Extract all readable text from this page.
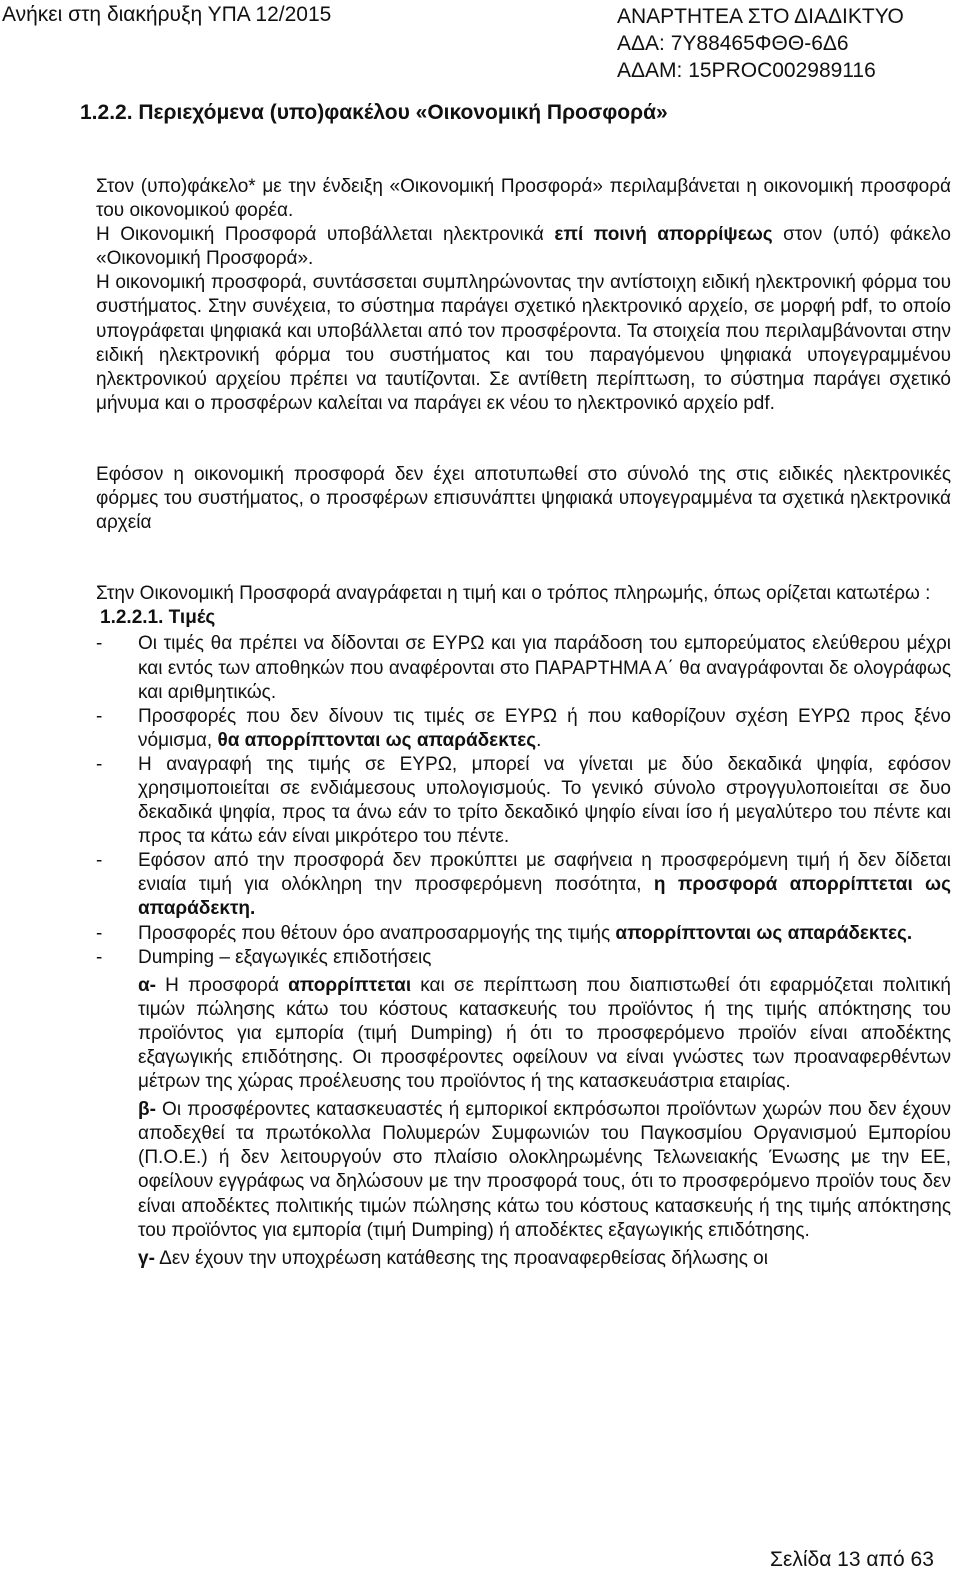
Ανήκει στη διακήρυξη ΥΠΑ 12/2015	ΑΝΑΡΤΗΤΕΑ ΣΤΟ ΔΙΑΔΙΚΤΥΟ
ΑΔΑ: 7Υ88465ΦΘΘ-6Δ6
ΑΔΑΜ: 15PROC002989116
1.2.2. Περιεχόμενα (υπο)φακέλου «Οικονομική Προσφορά»

Στον (υπο)φάκελο* με την ένδειξη «Οικονομική Προσφορά» περιλαμβάνεται η οικονομική προσφορά του οικονομικού φορέα.

Η Οικονομική Προσφορά υποβάλλεται ηλεκτρονικά επί ποινή απορρίψεως στον (υπό) φάκελο «Οικονομική Προσφορά».

Η οικονομική προσφορά, συντάσσεται συμπληρώνοντας την αντίστοιχη ειδική ηλεκτρονική φόρμα του συστήματος. Στην συνέχεια, το σύστημα παράγει σχετικό ηλεκτρονικό αρχείο, σε μορφή pdf, το οποίο υπογράφεται ψηφιακά και υποβάλλεται από τον προσφέροντα. Τα στοιχεία που περιλαμβάνονται στην ειδική ηλεκτρονική φόρμα του συστήματος και του παραγόμενου ψηφιακά υπογεγραμμένου ηλεκτρονικού αρχείου πρέπει να ταυτίζονται. Σε αντίθετη περίπτωση, το σύστημα παράγει σχετικό μήνυμα και ο προσφέρων καλείται να παράγει εκ νέου το ηλεκτρονικό αρχείο pdf.

Εφόσον η οικονομική προσφορά δεν έχει αποτυπωθεί στο σύνολό της στις ειδικές ηλεκτρονικές φόρμες του συστήματος, ο προσφέρων επισυνάπτει ψηφιακά υπογεγραμμένα τα σχετικά ηλεκτρονικά αρχεία

Στην Οικονομική Προσφορά αναγράφεται η τιμή και ο τρόπος πληρωμής, όπως ορίζεται κατωτέρω :

1.2.2.1. Τιμές
- Οι τιμές θα πρέπει να δίδονται σε ΕΥΡΩ και για παράδοση του εμπορεύματος ελεύθερου μέχρι και εντός των αποθηκών που αναφέρονται στο ΠΑΡΑΡΤΗΜΑ Α΄ θα αναγράφονται δε ολογράφως και αριθμητικώς.
- Προσφορές που δεν δίνουν τις τιμές σε ΕΥΡΩ ή που καθορίζουν σχέση ΕΥΡΩ προς ξένο νόμισμα, θα απορρίπτονται ως απαράδεκτες.
- Η αναγραφή της τιμής σε ΕΥΡΩ, μπορεί να γίνεται με δύο δεκαδικά ψηφία, εφόσον χρησιμοποιείται σε ενδιάμεσους υπολογισμούς. Το γενικό σύνολο στρογγυλοποιείται σε δυο δεκαδικά ψηφία, προς τα άνω εάν το τρίτο δεκαδικό ψηφίο είναι ίσο ή μεγαλύτερο του πέντε και προς τα κάτω εάν είναι μικρότερο του πέντε.
- Εφόσον από την προσφορά δεν προκύπτει με σαφήνεια η προσφερόμενη τιμή ή δεν δίδεται ενιαία τιμή για ολόκληρη την προσφερόμενη ποσότητα, η προσφορά απορρίπτεται ως απαράδεκτη.
- Προσφορές που θέτουν όρο αναπροσαρμογής της τιμής απορρίπτονται ως απαράδεκτες.
- Dumping – εξαγωγικές επιδοτήσεις
α- Η προσφορά απορρίπτεται και σε περίπτωση που διαπιστωθεί ότι εφαρμόζεται πολιτική τιμών πώλησης κάτω του κόστους κατασκευής του προϊόντος ή της τιμής απόκτησης του προϊόντος για εμπορία (τιμή Dumping) ή ότι το προσφερόμενο προϊόν είναι αποδέκτης εξαγωγικής επιδότησης. Οι προσφέροντες οφείλουν να είναι γνώστες των προαναφερθέντων μέτρων της χώρας προέλευσης του προϊόντος ή της κατασκευάστρια εταιρίας.
β- Οι προσφέροντες κατασκευαστές ή εμπορικοί εκπρόσωποι προϊόντων χωρών που δεν έχουν αποδεχθεί τα πρωτόκολλα Πολυμερών Συμφωνιών του Παγκοσμίου Οργανισμού Εμπορίου (Π.Ο.Ε.) ή δεν λειτουργούν στο πλαίσιο ολοκληρωμένης Τελωνειακής Ένωσης με την ΕΕ, οφείλουν εγγράφως να δηλώσουν με την προσφορά τους, ότι το προσφερόμενο προϊόν τους δεν είναι αποδέκτες πολιτικής τιμών πώλησης κάτω του κόστους κατασκευής ή της τιμής απόκτησης του προϊόντος για εμπορία (τιμή Dumping) ή αποδέκτες εξαγωγικής επιδότησης.
γ- Δεν έχουν την υποχρέωση κατάθεσης της προαναφερθείσας δήλωσης οι
Σελίδα 13 από 63
